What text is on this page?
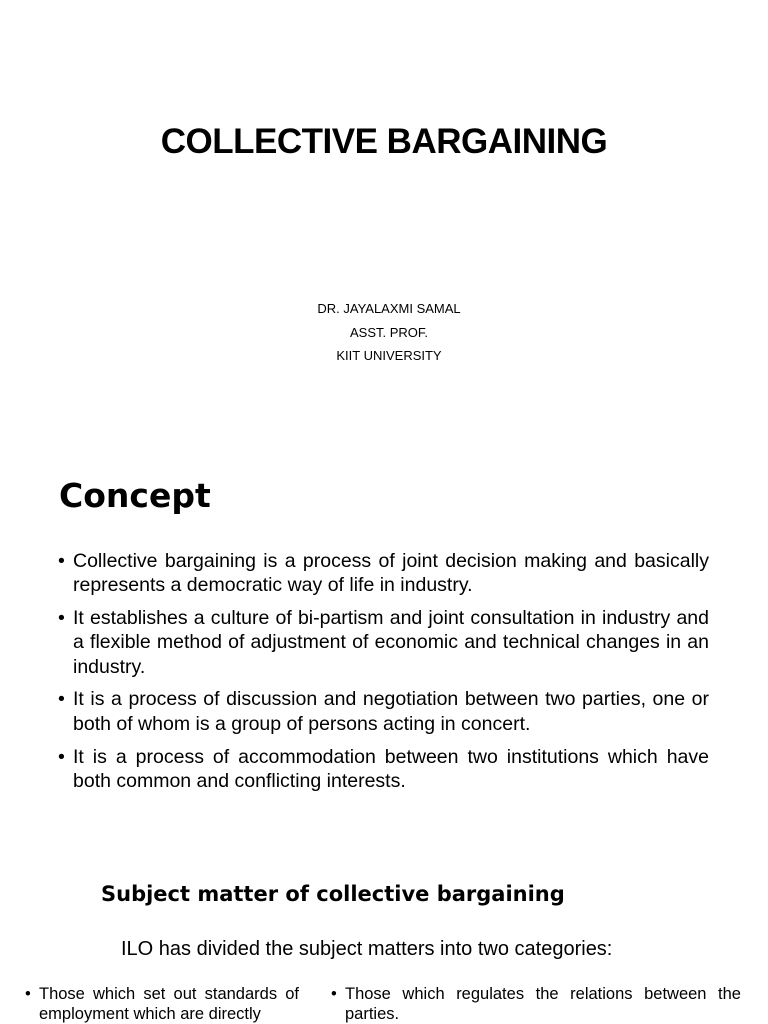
COLLECTIVE BARGAINING
DR. JAYALAXMI SAMAL
ASST. PROF.
KIIT UNIVERSITY
Concept
• Collective bargaining is a process of joint decision making and basically represents a democratic way of life in industry.
• It establishes a culture of bi-partism and joint consultation in industry and a flexible method of adjustment of economic and technical changes in an industry.
• It is a process of discussion and negotiation between two parties, one or both of whom is a group of persons acting in concert.
• It is a process of accommodation between two institutions which have both common and conflicting interests.
Subject matter of collective bargaining
ILO has divided the subject matters into two categories:
• Those which set out standards of employment which are directly
• Those which regulates the relations between the parties.
